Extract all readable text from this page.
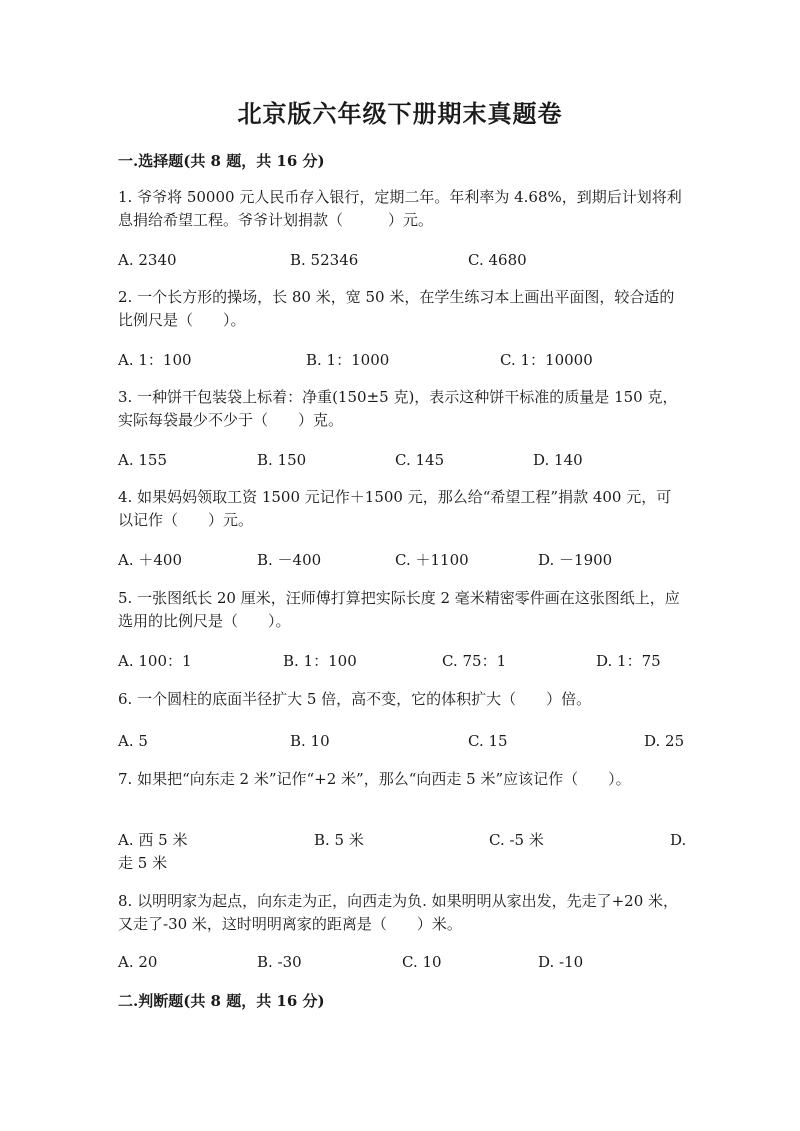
北京版六年级下册期末真题卷
一.选择题(共 8 题，共 16 分)
1. 爷爷将 50000 元人民币存入银行，定期二年。年利率为 4.68%，到期后计划将利息捐给希望工程。爷爷计划捐款（　　　）元。
A. 2340	B. 52346	C. 4680
2. 一个长方形的操场，长 80 米，宽 50 米，在学生练习本上画出平面图，较合适的比例尺是（　　）。
A. 1：100	B. 1：1000	C. 1：10000
3. 一种饼干包装袋上标着：净重(150±5 克)，表示这种饼干标准的质量是 150 克，实际每袋最少不少于（　　）克。
A. 155	B. 150	C. 145	D. 140
4. 如果妈妈领取工资 1500 元记作＋1500 元，那么给“希望工程”捐款 400 元，可以记作（　　）元。
A. ＋400	B. －400	C. ＋1100	D. －1900
5. 一张图纸长 20 厘米，汪师傅打算把实际长度 2 毫米精密零件画在这张图纸上，应选用的比例尺是（　　）。
A. 100：1	B. 1：100	C. 75：1	D. 1：75
6. 一个圆柱的底面半径扩大 5 倍，高不变，它的体积扩大（　　）倍。
A. 5	B. 10	C. 15	D. 25
7. 如果把“向东走 2 米”记作“+2 米”，那么“向西走 5 米”应该记作（　　）。
A. 西 5 米	B. 5 米	C. -5 米	D. 走 5 米
8. 以明明家为起点，向东走为正，向西走为负. 如果明明从家出发，先走了+20 米，又走了-30 米，这时明明离家的距离是（　　）米。
A. 20	B. -30	C. 10	D. -10
二.判断题(共 8 题，共 16 分)
